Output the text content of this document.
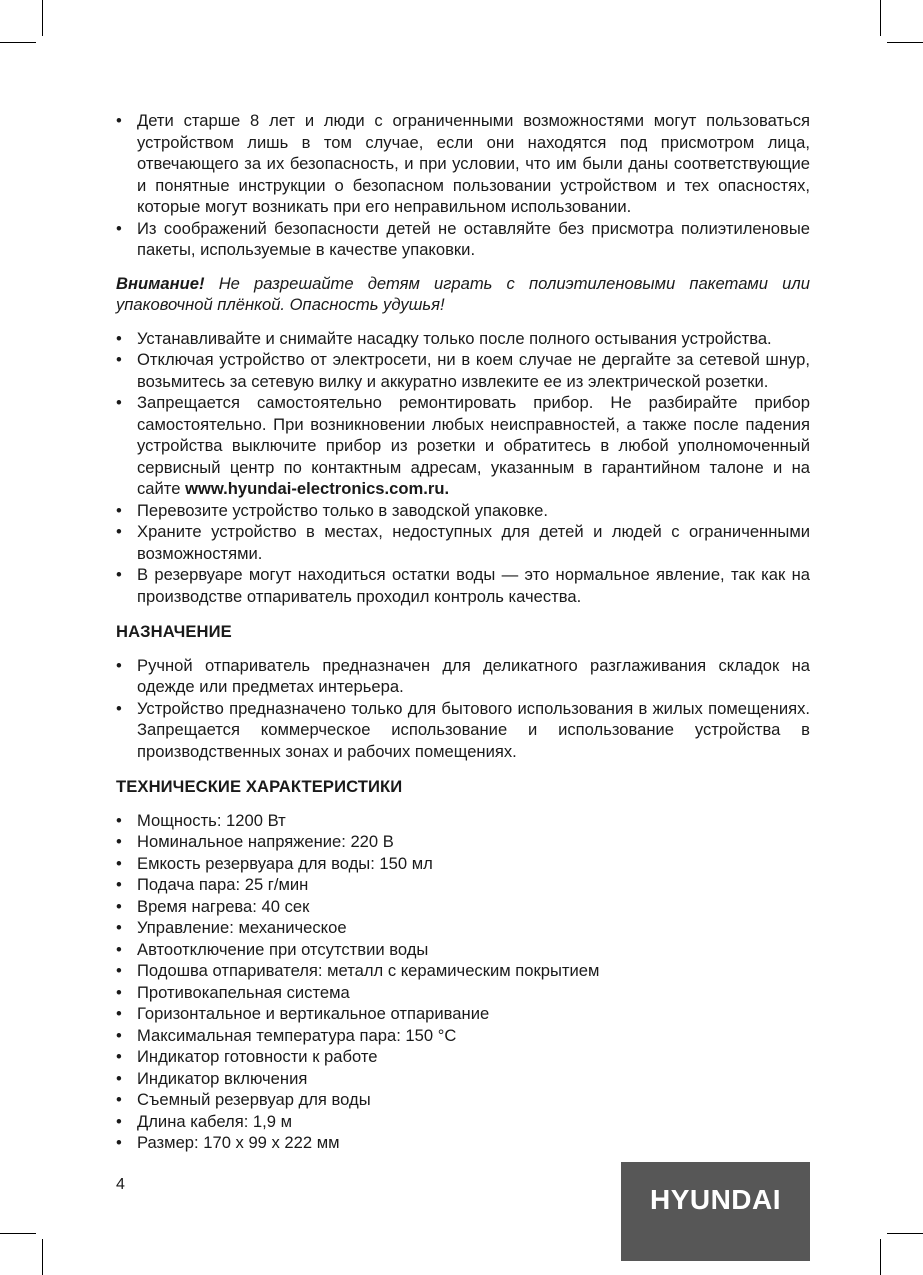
• Дети старше 8 лет и люди с ограниченными возможностями могут пользоваться устройством лишь в том случае, если они находятся под присмотром лица, отвечающего за их безопасность, и при условии, что им были даны соответствующие и понятные инструкции о безопасном пользовании устройством и тех опасностях, которые могут возникать при его неправильном использовании.
• Из соображений безопасности детей не оставляйте без присмотра полиэтиленовые пакеты, используемые в качестве упаковки.

Внимание! Не разрешайте детям играть с полиэтиленовыми пакетами или упаковочной плёнкой. Опасность удушья!

• Устанавливайте и снимайте насадку только после полного остывания устройства.
• Отключая устройство от электросети, ни в коем случае не дергайте за сетевой шнур, возьмитесь за сетевую вилку и аккуратно извлеките ее из электрической розетки.
• Запрещается самостоятельно ремонтировать прибор. Не разбирайте прибор самостоятельно. При возникновении любых неисправностей, а также после падения устройства выключите прибор из розетки и обратитесь в любой уполномоченный сервисный центр по контактным адресам, указанным в гарантийном талоне и на сайте www.hyundai-electronics.com.ru.
• Перевозите устройство только в заводской упаковке.
• Храните устройство в местах, недоступных для детей и людей с ограниченными возможностями.
• В резервуаре могут находиться остатки воды — это нормальное явление, так как на производстве отпариватель проходил контроль качества.
НАЗНАЧЕНИЕ
• Ручной отпариватель предназначен для деликатного разглаживания складок на одежде или предметах интерьера.
• Устройство предназначено только для бытового использования в жилых помещениях. Запрещается коммерческое использование и использование устройства в производственных зонах и рабочих помещениях.
ТЕХНИЧЕСКИЕ ХАРАКТЕРИСТИКИ
• Мощность: 1200 Вт
• Номинальное напряжение: 220 В
• Емкость резервуара для воды: 150 мл
• Подача пара: 25 г/мин
• Время нагрева: 40 сек
• Управление: механическое
• Автоотключение при отсутствии воды
• Подошва отпаривателя: металл с керамическим покрытием
• Противокапельная система
• Горизонтальное и вертикальное отпаривание
• Максимальная температура пара: 150 °С
• Индикатор готовности к работе
• Индикатор включения
• Съемный резервуар для воды
• Длина кабеля: 1,9 м
• Размер: 170 х 99 х 222 мм
4	HYUNDAI
